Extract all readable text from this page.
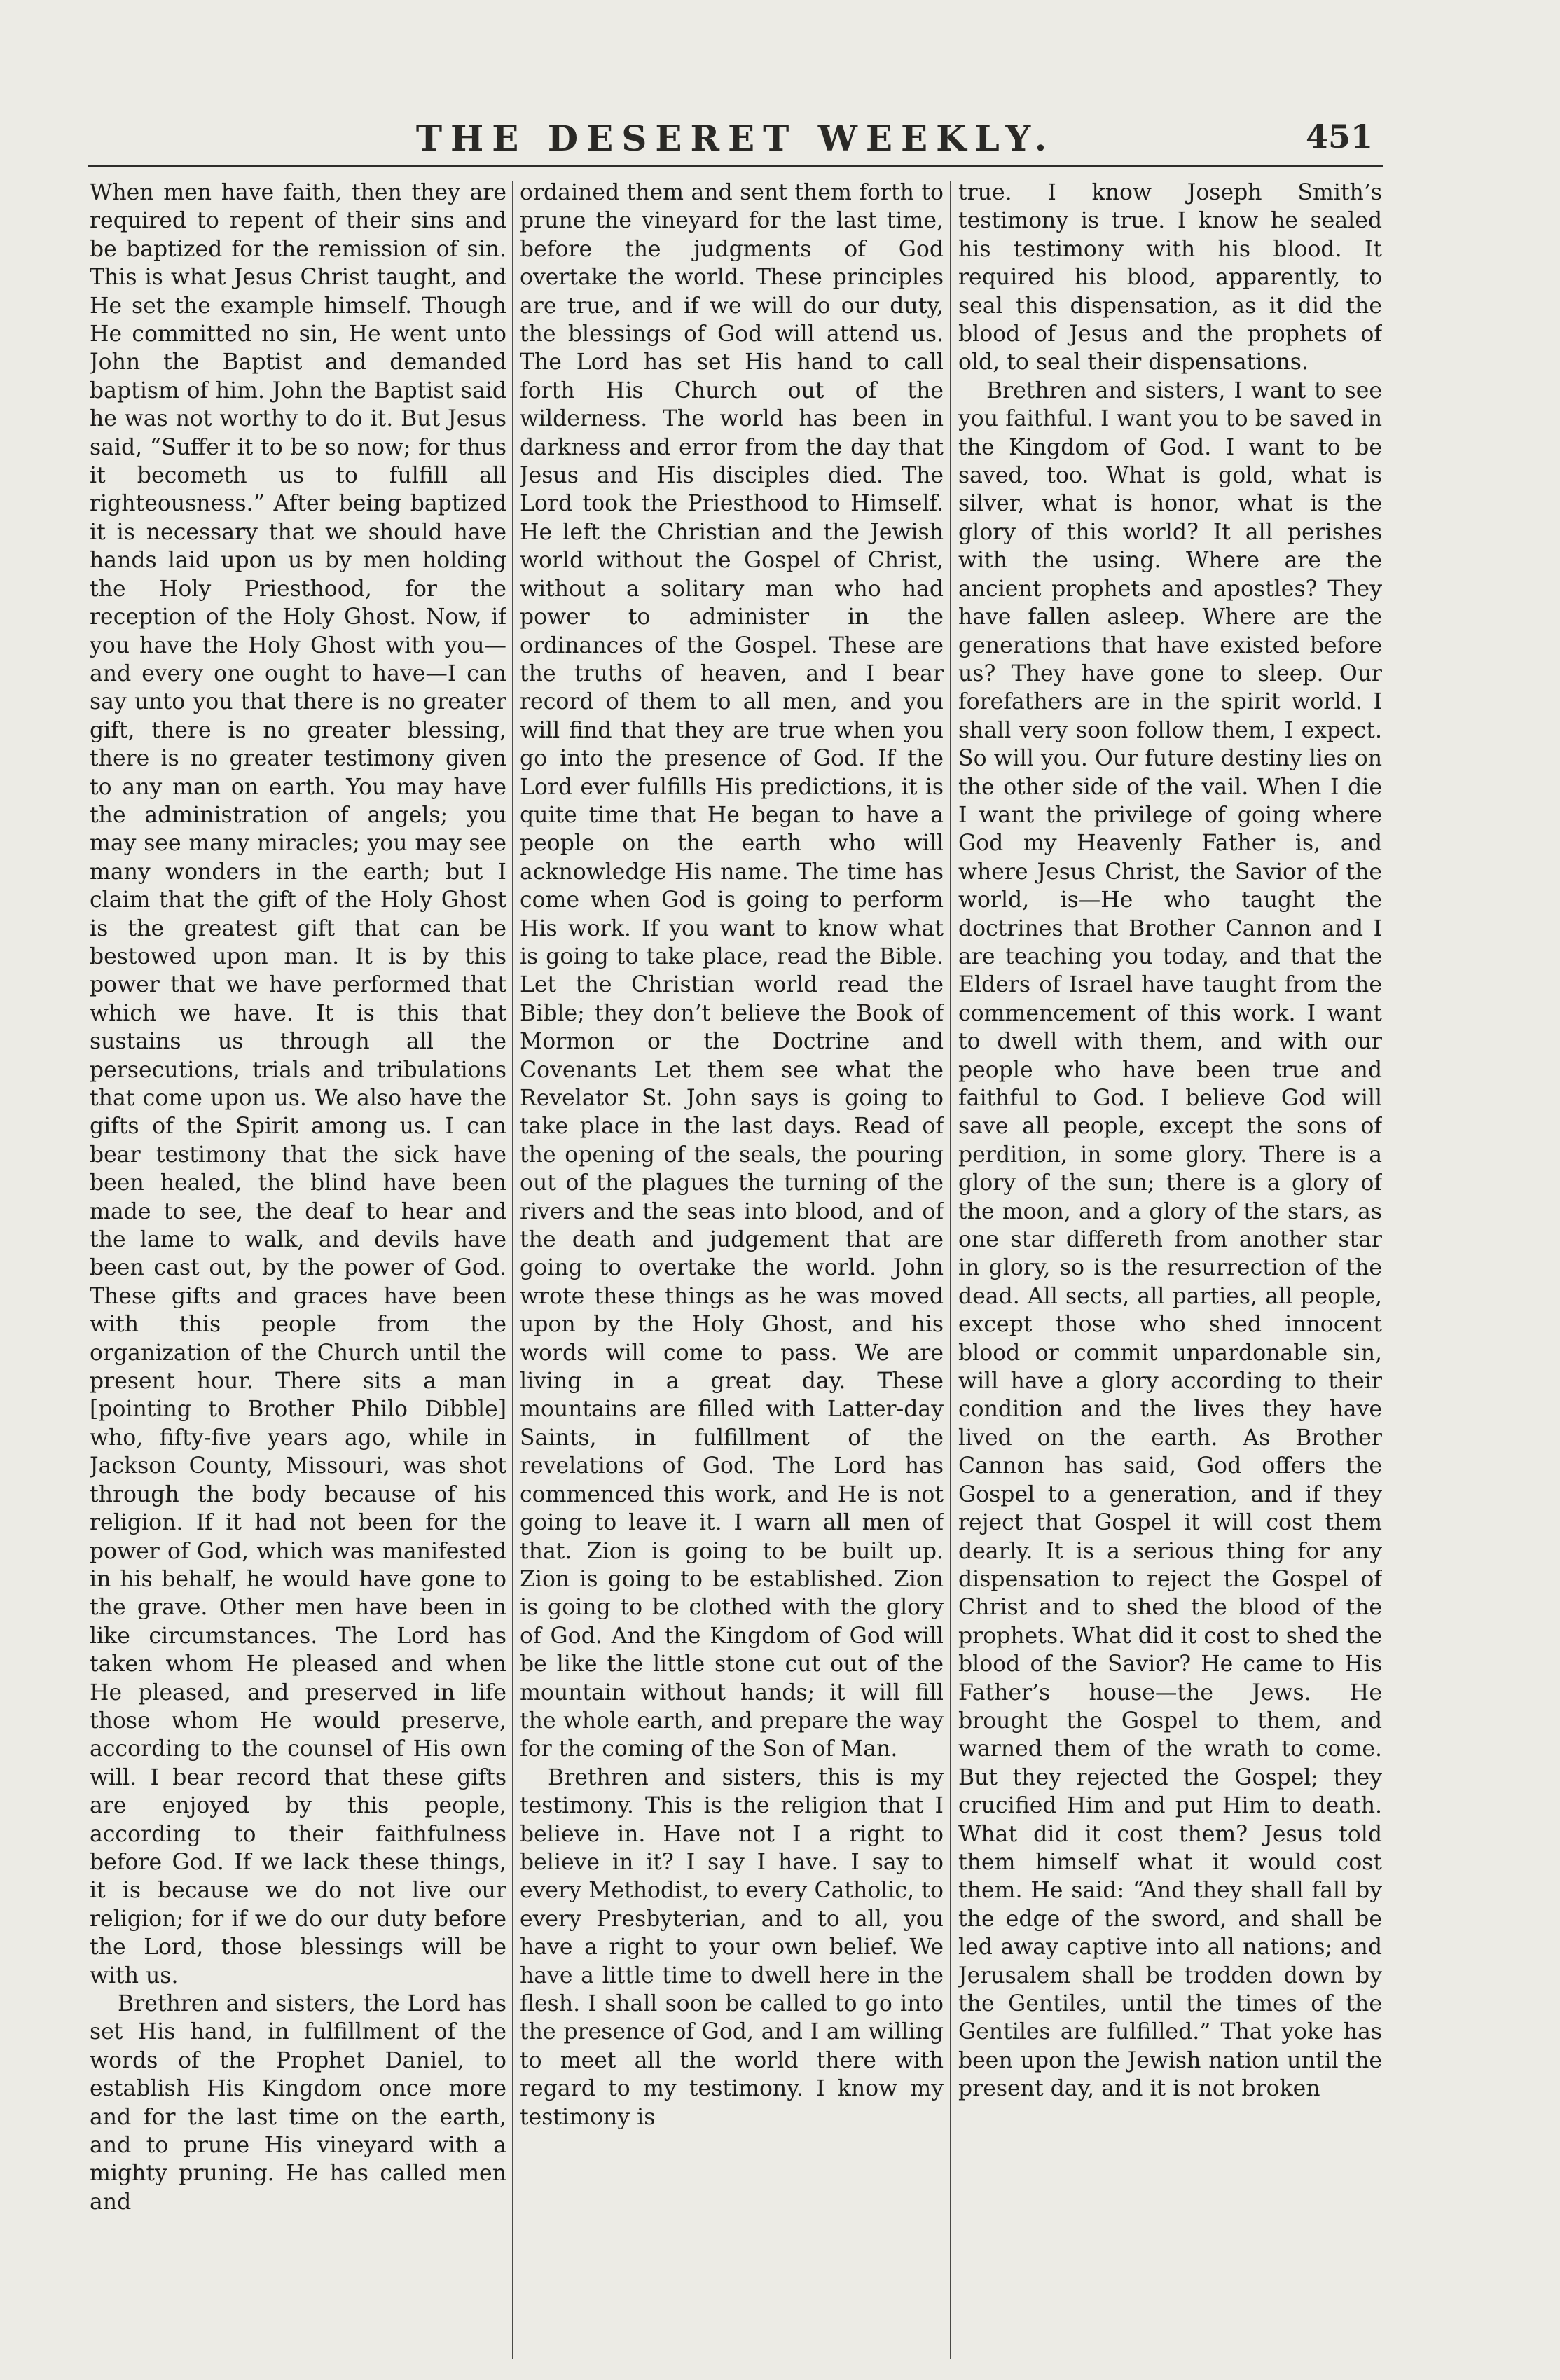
THE DESERET WEEKLY.	451

When men have faith, then they are required to repent of their sins and be baptized for the remission of sin. This is what Jesus Christ taught, and He set the example himself. Though He committed no sin, He went unto John the Baptist and demanded baptism of him. John the Baptist said he was not worthy to do it. But Jesus said, “Suffer it to be so now; for thus it becometh us to fulfill all righteousness.” After being baptized it is necessary that we should have hands laid upon us by men holding the Holy Priesthood, for the reception of the Holy Ghost. Now, if you have the Holy Ghost with you—and every one ought to have—I can say unto you that there is no greater gift, there is no greater blessing, there is no greater testimony given to any man on earth. You may have the administration of angels; you may see many miracles; you may see many wonders in the earth; but I claim that the gift of the Holy Ghost is the greatest gift that can be bestowed upon man. It is by this power that we have performed that which we have. It is this that sustains us through all the persecutions, trials and tribulations that come upon us. We also have the gifts of the Spirit among us. I can bear testimony that the sick have been healed, the blind have been made to see, the deaf to hear and the lame to walk, and devils have been cast out, by the power of God. These gifts and graces have been with this people from the organization of the Church until the present hour. There sits a man [pointing to Brother Philo Dibble] who, fifty-five years ago, while in Jackson County, Missouri, was shot through the body because of his religion. If it had not been for the power of God, which was manifested in his behalf, he would have gone to the grave. Other men have been in like circumstances. The Lord has taken whom He pleased and when He pleased, and preserved in life those whom He would preserve, according to the counsel of His own will. I bear record that these gifts are enjoyed by this people, according to their faithfulness before God. If we lack these things, it is because we do not live our religion; for if we do our duty before the Lord, those blessings will be with us.

Brethren and sisters, the Lord has set His hand, in fulfillment of the words of the Prophet Daniel, to establish His Kingdom once more and for the last time on the earth, and to prune His vineyard with a mighty pruning. He has called men and

ordained them and sent them forth to prune the vineyard for the last time, before the judgments of God overtake the world. These principles are true, and if we will do our duty, the blessings of God will attend us. The Lord has set His hand to call forth His Church out of the wilderness. The world has been in darkness and error from the day that Jesus and His disciples died. The Lord took the Priesthood to Himself. He left the Christian and the Jewish world without the Gospel of Christ, without a solitary man who had power to administer in the ordinances of the Gospel. These are the truths of heaven, and I bear record of them to all men, and you will find that they are true when you go into the presence of God. If the Lord ever fulfills His predictions, it is quite time that He began to have a people on the earth who will acknowledge His name. The time has come when God is going to perform His work. If you want to know what is going to take place, read the Bible. Let the Christian world read the Bible; they don’t believe the Book of Mormon or the Doctrine and Covenants Let them see what the Revelator St. John says is going to take place in the last days. Read of the opening of the seals, the pouring out of the plagues the turning of the rivers and the seas into blood, and of the death and judgement that are going to overtake the world. John wrote these things as he was moved upon by the Holy Ghost, and his words will come to pass. We are living in a great day. These mountains are filled with Latter-day Saints, in fulfillment of the revelations of God. The Lord has commenced this work, and He is not going to leave it. I warn all men of that. Zion is going to be built up. Zion is going to be established. Zion is going to be clothed with the glory of God. And the Kingdom of God will be like the little stone cut out of the mountain without hands; it will fill the whole earth, and prepare the way for the coming of the Son of Man.

Brethren and sisters, this is my testimony. This is the religion that I believe in. Have not I a right to believe in it? I say I have. I say to every Methodist, to every Catholic, to every Presbyterian, and to all, you have a right to your own belief. We have a little time to dwell here in the flesh. I shall soon be called to go into the presence of God, and I am willing to meet all the world there with regard to my testimony. I know my testimony is

true. I know Joseph Smith’s testimony is true. I know he sealed his testimony with his blood. It required his blood, apparently, to seal this dispensation, as it did the blood of Jesus and the prophets of old, to seal their dispensations.

Brethren and sisters, I want to see you faithful. I want you to be saved in the Kingdom of God. I want to be saved, too. What is gold, what is silver, what is honor, what is the glory of this world? It all perishes with the using. Where are the ancient prophets and apostles? They have fallen asleep. Where are the generations that have existed before us? They have gone to sleep. Our forefathers are in the spirit world. I shall very soon follow them, I expect. So will you. Our future destiny lies on the other side of the vail. When I die I want the privilege of going where God my Heavenly Father is, and where Jesus Christ, the Savior of the world, is—He who taught the doctrines that Brother Cannon and I are teaching you today, and that the Elders of Israel have taught from the commencement of this work. I want to dwell with them, and with our people who have been true and faithful to God. I believe God will save all people, except the sons of perdition, in some glory. There is a glory of the sun; there is a glory of the moon, and a glory of the stars, as one star differeth from another star in glory, so is the resurrection of the dead. All sects, all parties, all people, except those who shed innocent blood or commit unpardonable sin, will have a glory according to their condition and the lives they have lived on the earth. As Brother Cannon has said, God offers the Gospel to a generation, and if they reject that Gospel it will cost them dearly. It is a serious thing for any dispensation to reject the Gospel of Christ and to shed the blood of the prophets. What did it cost to shed the blood of the Savior? He came to His Father’s house—the Jews. He brought the Gospel to them, and warned them of the wrath to come. But they rejected the Gospel; they crucified Him and put Him to death. What did it cost them? Jesus told them himself what it would cost them. He said: “And they shall fall by the edge of the sword, and shall be led away captive into all nations; and Jerusalem shall be trodden down by the Gentiles, until the times of the Gentiles are fulfilled.” That yoke has been upon the Jewish nation until the present day, and it is not broken
